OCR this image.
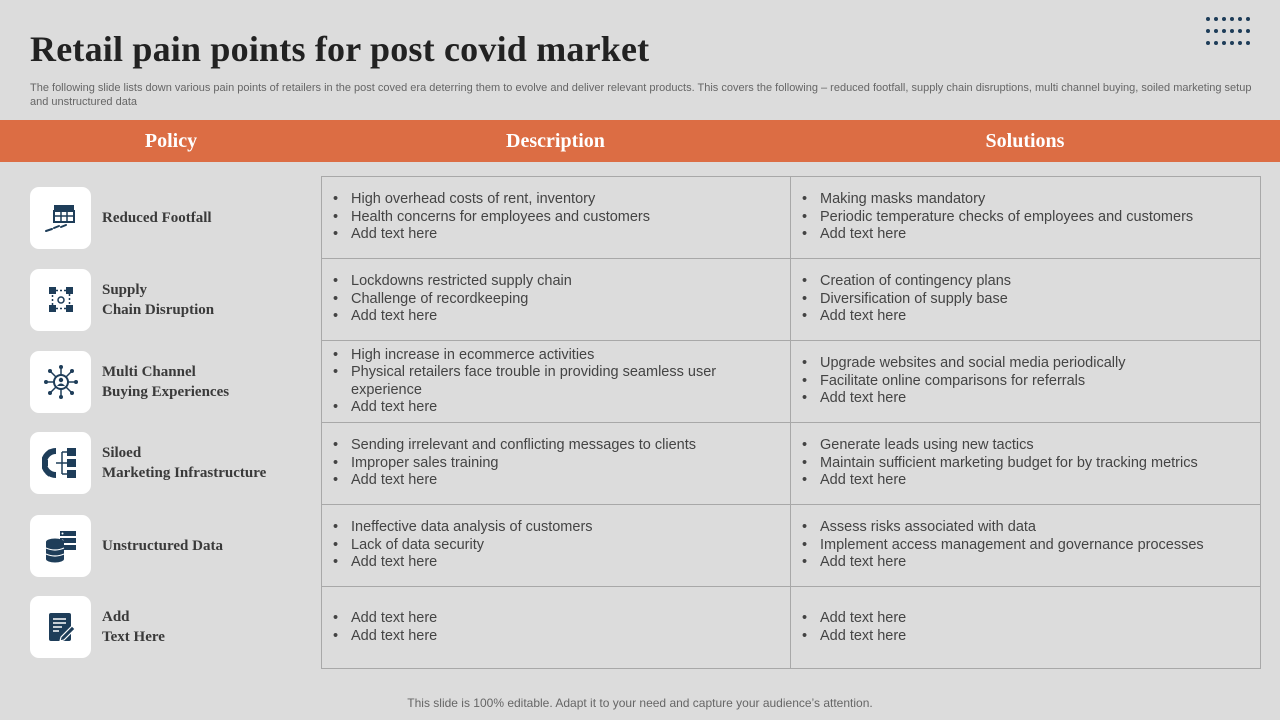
Retail pain points for post covid market
The following slide lists down various pain points of retailers in the post coved era deterring them to evolve and deliver relevant products. This covers the following – reduced footfall, supply chain disruptions, multi channel buying, soiled marketing setup and unstructured data
Policy	Description	Solutions
Reduced Footfall
Supply
Chain Disruption
Multi Channel
Buying Experiences
Siloed
Marketing Infrastructure
Unstructured Data
Add
Text Here
• High overhead costs of rent, inventory
• Health concerns for employees and customers
• Add text here
• Making masks mandatory
• Periodic temperature checks of employees and customers
• Add text here
• Lockdowns restricted supply chain
• Challenge of recordkeeping
• Add text here
• Creation of contingency plans
• Diversification of supply base
• Add text here
• High increase in ecommerce activities
• Physical retailers face trouble in providing seamless user experience
• Add text here
• Upgrade websites and social media periodically
• Facilitate online comparisons for referrals
• Add text here
• Sending irrelevant and conflicting messages to clients
• Improper sales training
• Add text here
• Generate leads using new tactics
• Maintain sufficient marketing budget for by tracking metrics
• Add text here
• Ineffective data analysis of customers
• Lack of data security
• Add text here
• Assess risks associated with data
• Implement access management and governance processes
• Add text here
• Add text here
• Add text here
• Add text here
• Add text here
This slide is 100% editable. Adapt it to your need and capture your audience’s attention.
